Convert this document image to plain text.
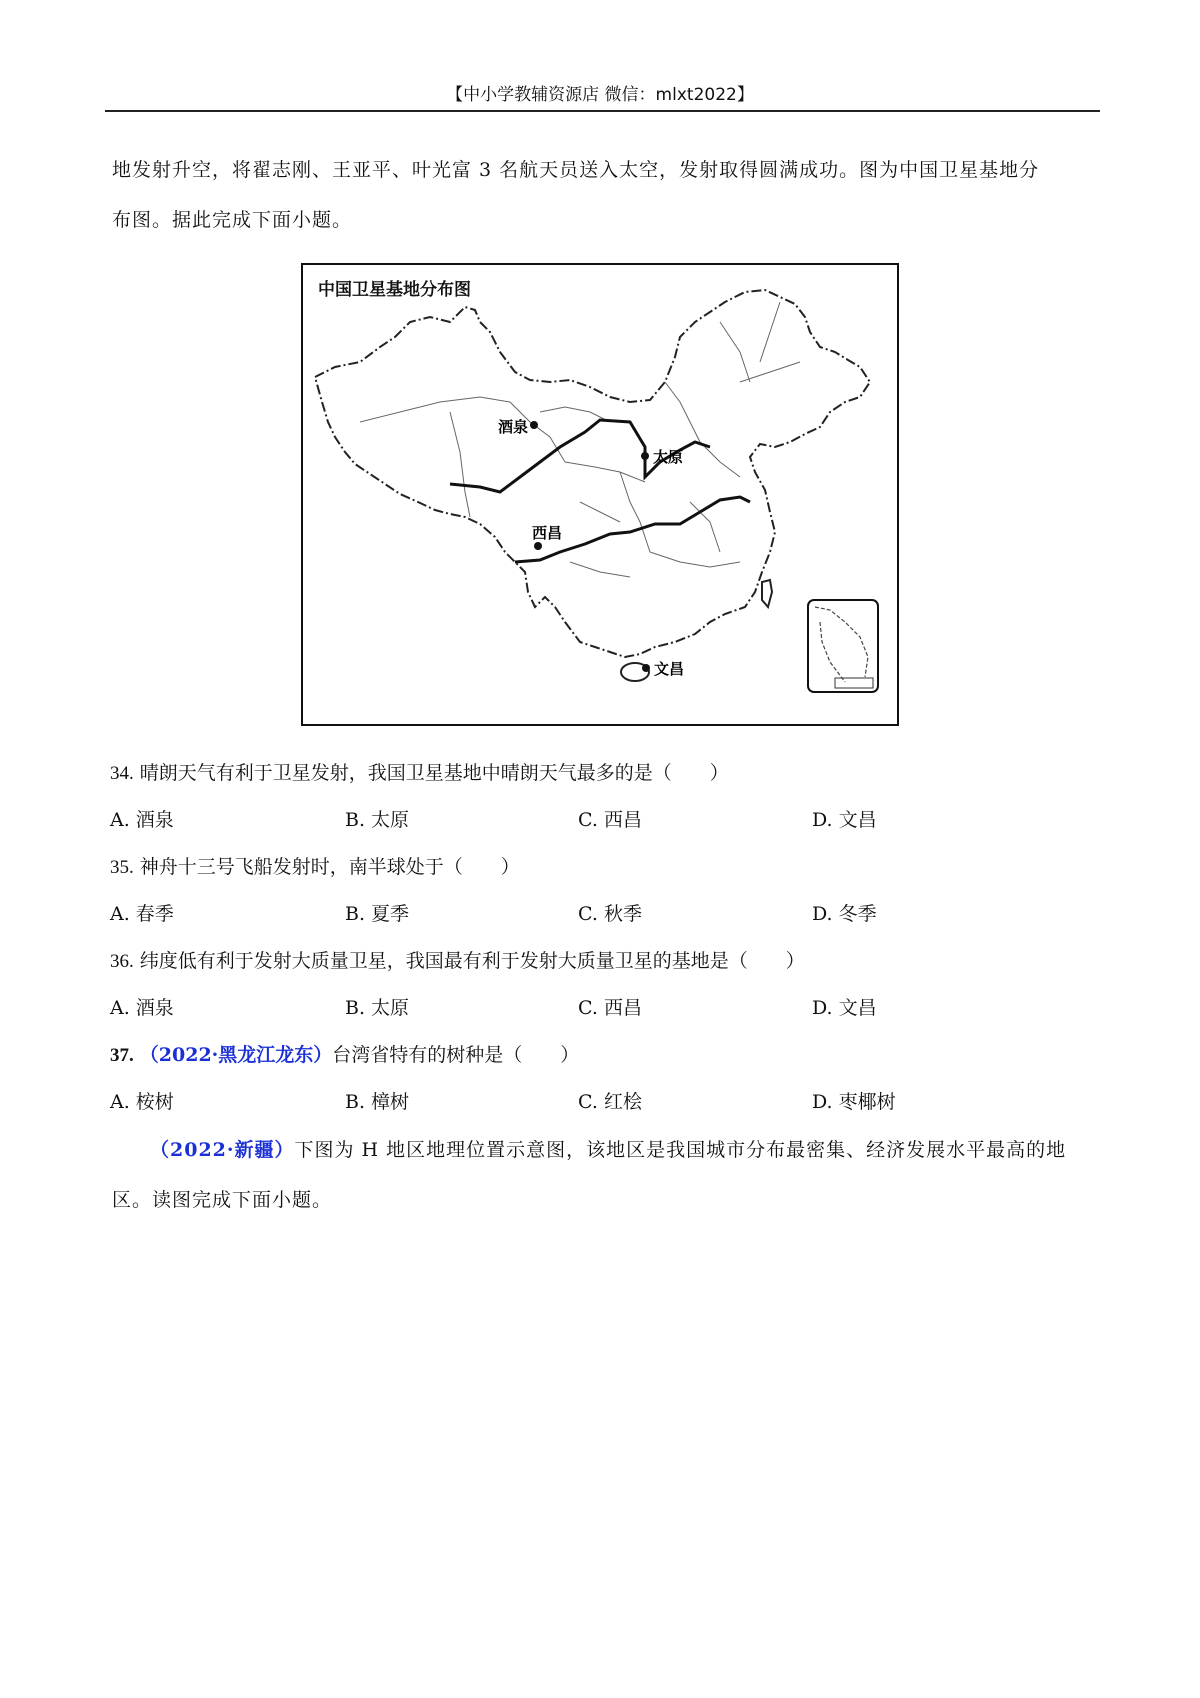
【中小学教辅资源店 微信：mlxt2022】
地发射升空，将翟志刚、王亚平、叶光富 3 名航天员送入太空，发射取得圆满成功。图为中国卫星基地分
布图。据此完成下面小题。
酒泉
太原
西昌
文昌
中国卫星基地分布图
34. 晴朗天气有利于卫星发射，我国卫星基地中晴朗天气最多的是（　　）
A. 酒泉	B. 太原	C. 西昌	D. 文昌
35. 神舟十三号飞船发射时，南半球处于（　　）
A. 春季	B. 夏季	C. 秋季	D. 冬季
36. 纬度低有利于发射大质量卫星，我国最有利于发射大质量卫星的基地是（　　）
A. 酒泉	B. 太原	C. 西昌	D. 文昌
37. （2022·黑龙江龙东）台湾省特有的树种是（　　）
A. 桉树	B. 樟树	C. 红桧	D. 枣椰树
（2022·新疆）下图为 H 地区地理位置示意图，该地区是我国城市分布最密集、经济发展水平最高的地
区。读图完成下面小题。
